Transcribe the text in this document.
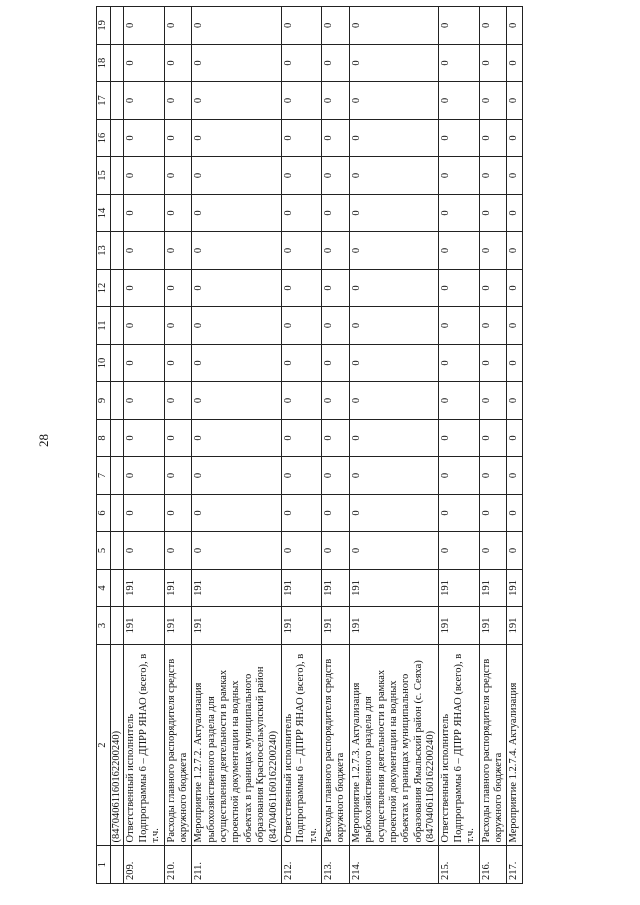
28
1	2	3	4	5	6	7	8	9	10	11	12	13	14	15	16	17	18	19
	(84704061160162200240)																	
209.	Ответственный исполнитель Подпрограммы 6 – ДПРР ЯНАО (всего), в т.ч.	191	191	0	0	0	0	0	0	0	0	0	0	0	0	0	0	0
210.	Расходы главного распорядителя средств окружного бюджета	191	191	0	0	0	0	0	0	0	0	0	0	0	0	0	0	0
211.	Мероприятие 1.2.7.2. Актуализация рыбохозяйственного раздела для осуществления деятельности в рамках проектной документации на водных объектах в границах муниципального образования Красноселькупский район (84704061160162200240)	191	191	0	0	0	0	0	0	0	0	0	0	0	0	0	0	0
212.	Ответственный исполнитель Подпрограммы 6 – ДПРР ЯНАО (всего), в т.ч.	191	191	0	0	0	0	0	0	0	0	0	0	0	0	0	0	0
213.	Расходы главного распорядителя средств окружного бюджета	191	191	0	0	0	0	0	0	0	0	0	0	0	0	0	0	0
214.	Мероприятие 1.2.7.3. Актуализация рыбохозяйственного раздела для осуществления деятельности в рамках проектной документации на водных объектах в границах муниципального образования Ямальский район (с. Сеяха) (84704061160162200240)	191	191	0	0	0	0	0	0	0	0	0	0	0	0	0	0	0
215.	Ответственный исполнитель Подпрограммы 6 – ДПРР ЯНАО (всего), в т.ч.	191	191	0	0	0	0	0	0	0	0	0	0	0	0	0	0	0
216.	Расходы главного распорядителя средств окружного бюджета	191	191	0	0	0	0	0	0	0	0	0	0	0	0	0	0	0
217.	Мероприятие 1.2.7.4. Актуализация	191	191	0	0	0	0	0	0	0	0	0	0	0	0	0	0	0
